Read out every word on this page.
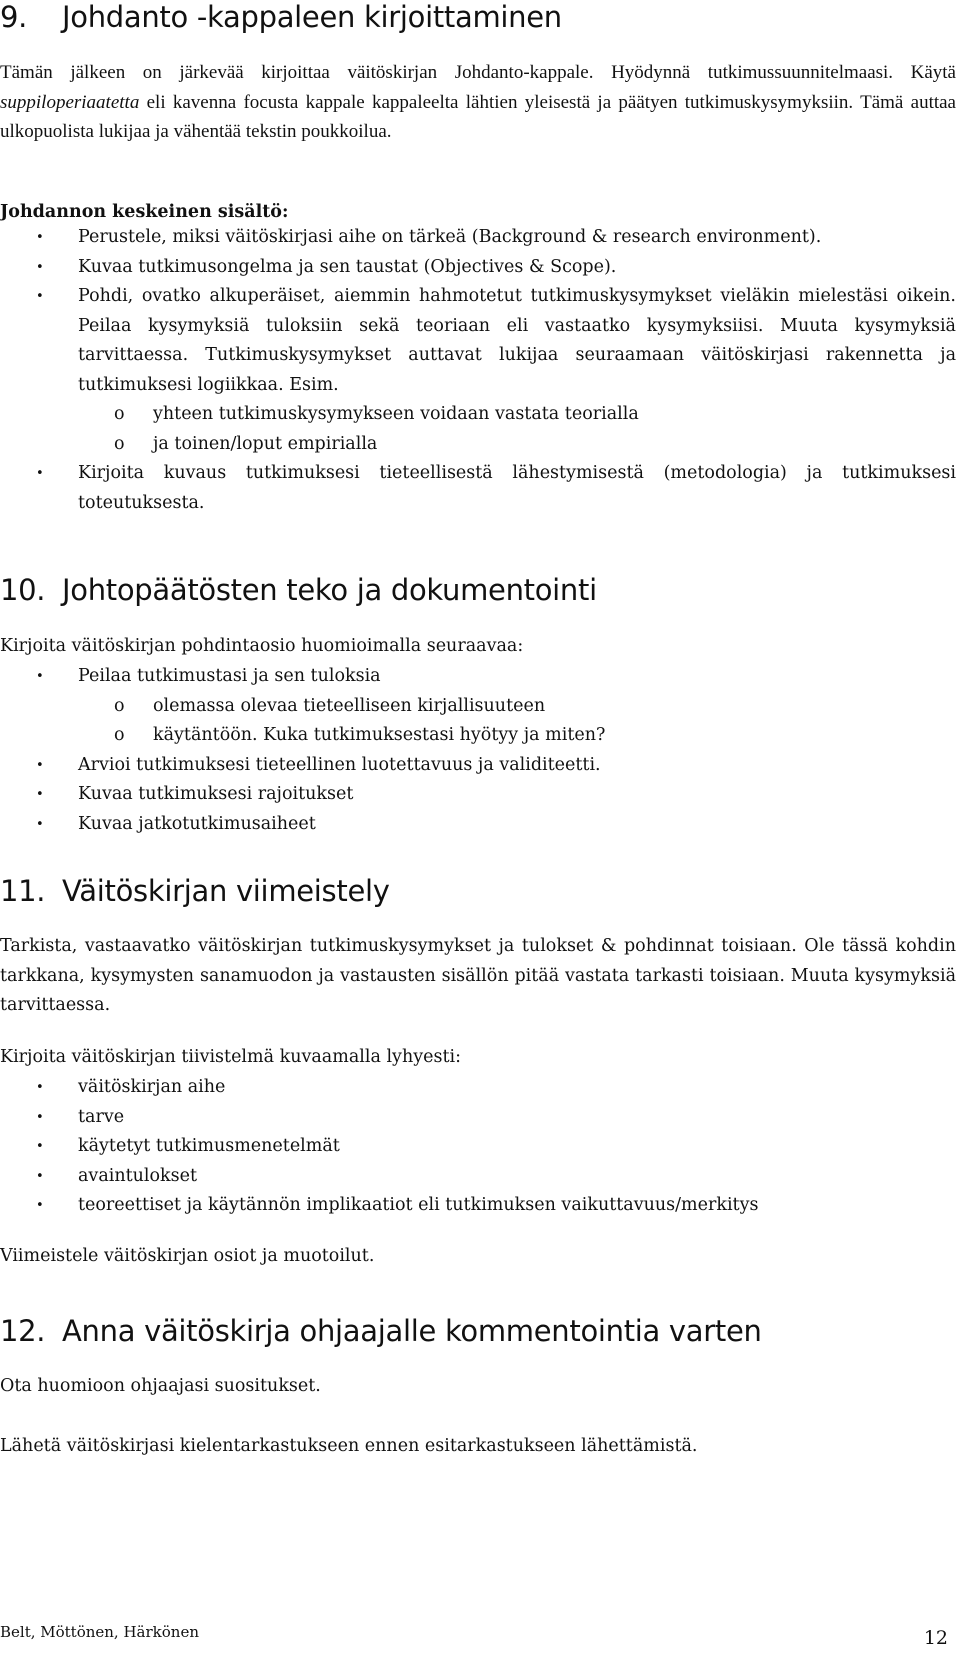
9. Johdanto -kappaleen kirjoittaminen

Tämän jälkeen on järkevää kirjoittaa väitöskirjan Johdanto-kappale. Hyödynnä tutkimussuunnitelmaasi. Käytä suppiloperiaatetta eli kavenna focusta kappale kappaleelta lähtien yleisestä ja päätyen tutkimuskysymyksiin. Tämä auttaa ulkopuolista lukijaa ja vähentää tekstin poukkoilua.

Johdannon keskeinen sisältö:

• Perustele, miksi väitöskirjasi aihe on tärkeä (Background & research environment).
• Kuvaa tutkimusongelma ja sen taustat (Objectives & Scope).
• Pohdi, ovatko alkuperäiset, aiemmin hahmotetut tutkimuskysymykset vieläkin mielestäsi oikein. Peilaa kysymyksiä tuloksiin sekä teoriaan eli vastaatko kysymyksiisi. Muuta kysymyksiä tarvittaessa. Tutkimuskysymykset auttavat lukijaa seuraamaan väitöskirjasi rakennetta ja tutkimuksesi logiikkaa. Esim.
o yhteen tutkimuskysymykseen voidaan vastata teorialla
o ja toinen/loput empirialla
• Kirjoita kuvaus tutkimuksesi tieteellisestä lähestymisestä (metodologia) ja tutkimuksesi toteutuksesta.
10. Johtopäätösten teko ja dokumentointi

Kirjoita väitöskirjan pohdintaosio huomioimalla seuraavaa:

• Peilaa tutkimustasi ja sen tuloksia
o olemassa olevaa tieteelliseen kirjallisuuteen
o käytäntöön. Kuka tutkimuksestasi hyötyy ja miten?
• Arvioi tutkimuksesi tieteellinen luotettavuus ja validiteetti.
• Kuvaa tutkimuksesi rajoitukset
• Kuvaa jatkotutkimusaiheet
11. Väitöskirjan viimeistely

Tarkista, vastaavatko väitöskirjan tutkimuskysymykset ja tulokset & pohdinnat toisiaan. Ole tässä kohdin tarkkana, kysymysten sanamuodon ja vastausten sisällön pitää vastata tarkasti toisiaan. Muuta kysymyksiä tarvittaessa.

Kirjoita väitöskirjan tiivistelmä kuvaamalla lyhyesti:

• väitöskirjan aihe
• tarve
• käytetyt tutkimusmenetelmät
• avaintulokset
• teoreettiset ja käytännön implikaatiot eli tutkimuksen vaikuttavuus/merkitys

Viimeistele väitöskirjan osiot ja muotoilut.

12. Anna väitöskirja ohjaajalle kommentointia varten

Ota huomioon ohjaajasi suositukset.

Lähetä väitöskirjasi kielentarkastukseen ennen esitarkastukseen lähettämistä.

Belt, Möttönen, Härkönen	12
